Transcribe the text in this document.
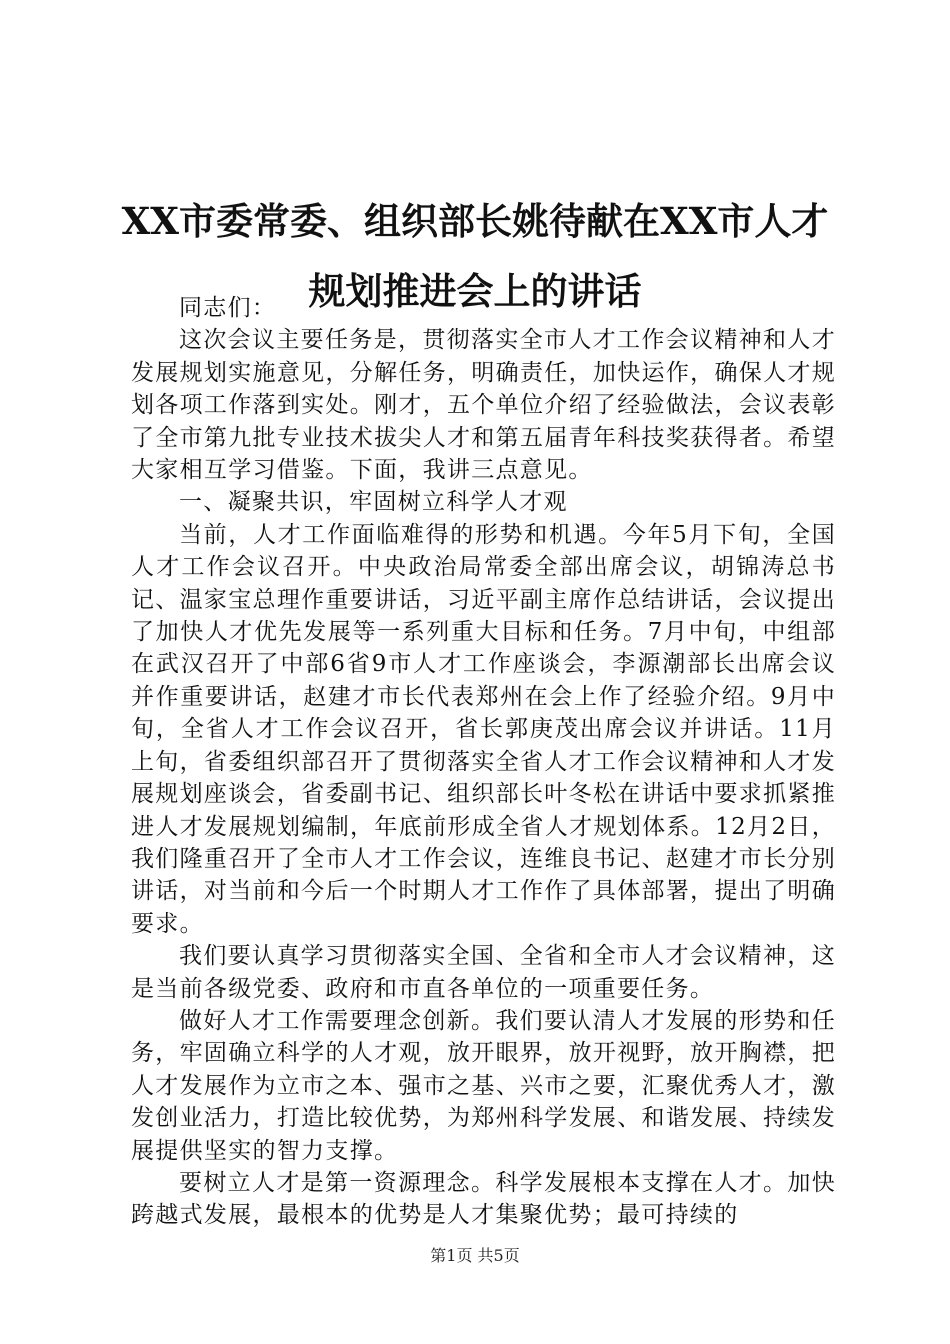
XX市委常委、组织部长姚待献在XX市人才规划推进会上的讲话

同志们：

这次会议主要任务是，贯彻落实全市人才工作会议精神和人才发展规划实施意见，分解任务，明确责任，加快运作，确保人才规划各项工作落到实处。刚才，五个单位介绍了经验做法，会议表彰了全市第九批专业技术拔尖人才和第五届青年科技奖获得者。希望大家相互学习借鉴。下面，我讲三点意见。

一、凝聚共识，牢固树立科学人才观

当前，人才工作面临难得的形势和机遇。今年5月下旬，全国人才工作会议召开。中央政治局常委全部出席会议，胡锦涛总书记、温家宝总理作重要讲话，习近平副主席作总结讲话，会议提出了加快人才优先发展等一系列重大目标和任务。7月中旬，中组部在武汉召开了中部6省9市人才工作座谈会，李源潮部长出席会议并作重要讲话，赵建才市长代表郑州在会上作了经验介绍。9月中旬，全省人才工作会议召开，省长郭庚茂出席会议并讲话。11月上旬，省委组织部召开了贯彻落实全省人才工作会议精神和人才发展规划座谈会，省委副书记、组织部长叶冬松在讲话中要求抓紧推进人才发展规划编制，年底前形成全省人才规划体系。12月2日，我们隆重召开了全市人才工作会议，连维良书记、赵建才市长分别讲话，对当前和今后一个时期人才工作作了具体部署，提出了明确要求。

我们要认真学习贯彻落实全国、全省和全市人才会议精神，这是当前各级党委、政府和市直各单位的一项重要任务。

做好人才工作需要理念创新。我们要认清人才发展的形势和任务，牢固确立科学的人才观，放开眼界，放开视野，放开胸襟，把人才发展作为立市之本、强市之基、兴市之要，汇聚优秀人才，激发创业活力，打造比较优势，为郑州科学发展、和谐发展、持续发展提供坚实的智力支撑。

要树立人才是第一资源理念。科学发展根本支撑在人才。加快跨越式发展，最根本的优势是人才集聚优势；最可持续的

第1页 共5页
